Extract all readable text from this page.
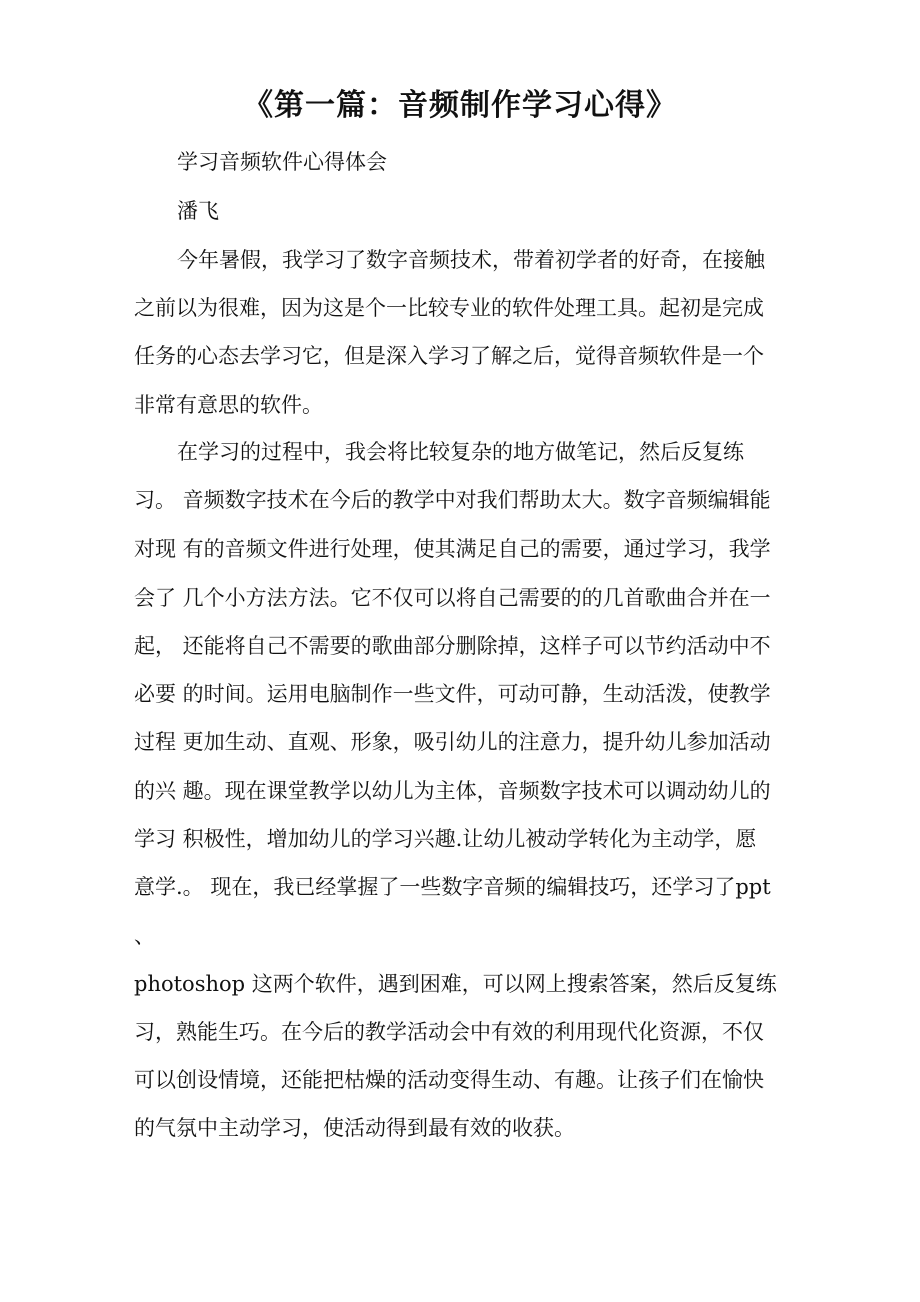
《第一篇：音频制作学习心得》
学习音频软件心得体会
潘飞
今年暑假，我学习了数字音频技术，带着初学者的好奇，在接触
之前以为很难，因为这是个一比较专业的软件处理工具。起初是完成
任务的心态去学习它，但是深入学习了解之后，觉得音频软件是一个
非常有意思的软件。
在学习的过程中，我会将比较复杂的地方做笔记，然后反复练
习。 音频数字技术在今后的教学中对我们帮助太大。数字音频编辑能
对现 有的音频文件进行处理，使其满足自己的需要，通过学习，我学
会了 几个小方法方法。它不仅可以将自己需要的的几首歌曲合并在一
起， 还能将自己不需要的歌曲部分删除掉，这样子可以节约活动中不
必要 的时间。运用电脑制作一些文件，可动可静，生动活泼，使教学
过程 更加生动、直观、形象，吸引幼儿的注意力，提升幼儿参加活动
的兴 趣。现在课堂教学以幼儿为主体，音频数字技术可以调动幼儿的
学习 积极性，增加幼儿的学习兴趣.让幼儿被动学转化为主动学，愿
意学.。 现在，我已经掌握了一些数字音频的编辑技巧，还学习了ppt
、
photoshop 这两个软件，遇到困难，可以网上搜索答案，然后反复练
习，熟能生巧。在今后的教学活动会中有效的利用现代化资源，不仅
可以创设情境，还能把枯燥的活动变得生动、有趣。让孩子们在愉快
的气氛中主动学习，使活动得到最有效的收获。
